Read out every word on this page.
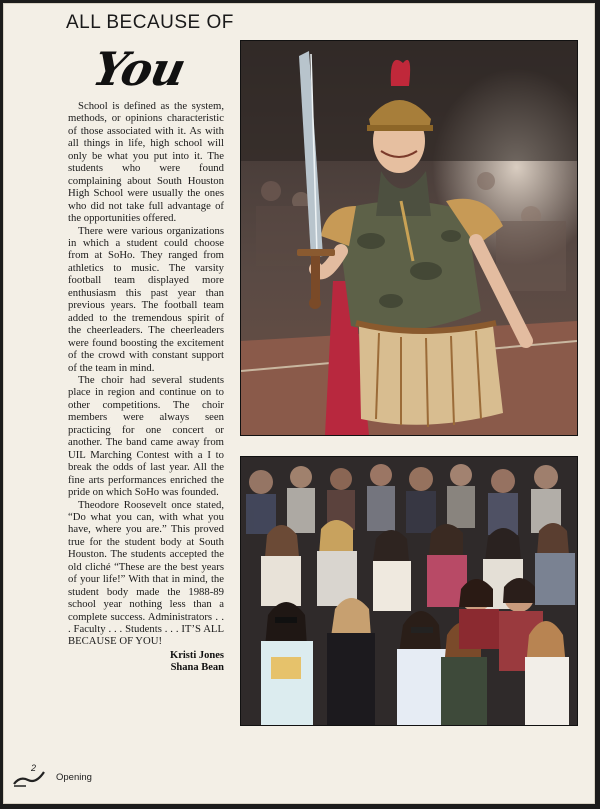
ALL BECAUSE OF
You

School is defined as the system, methods, or opinions characteristic of those associated with it. As with all things in life, high school will only be what you put into it. The students who were found complaining about South Houston High School were usually the ones who did not take full advantage of the opportunities offered.

There were various organizations in which a student could choose from at SoHo. They ranged from athletics to music. The varsity football team displayed more enthusiasm this past year than previous years. The football team added to the tremendous spirit of the cheerleaders. The cheerleaders were found boosting the excitement of the crowd with constant support of the team in mind.

The choir had several students place in region and continue on to other competitions. The choir members were always seen practicing for one concert or another. The band came away from UIL Marching Contest with a I to break the odds of last year. All the fine arts performances enriched the pride on which SoHo was founded.

Theodore Roosevelt once stated, “Do what you can, with what you have, where you are.” This proved true for the student body at South Houston. The students accepted the old cliché “These are the best years of your life!” With that in mind, the student body made the 1988-89 school year nothing less than a complete success. Administrators . . . Faculty . . . Students . . . IT’S ALL BECAUSE OF YOU!

Kristi Jones
Shana Bean
2
Opening
